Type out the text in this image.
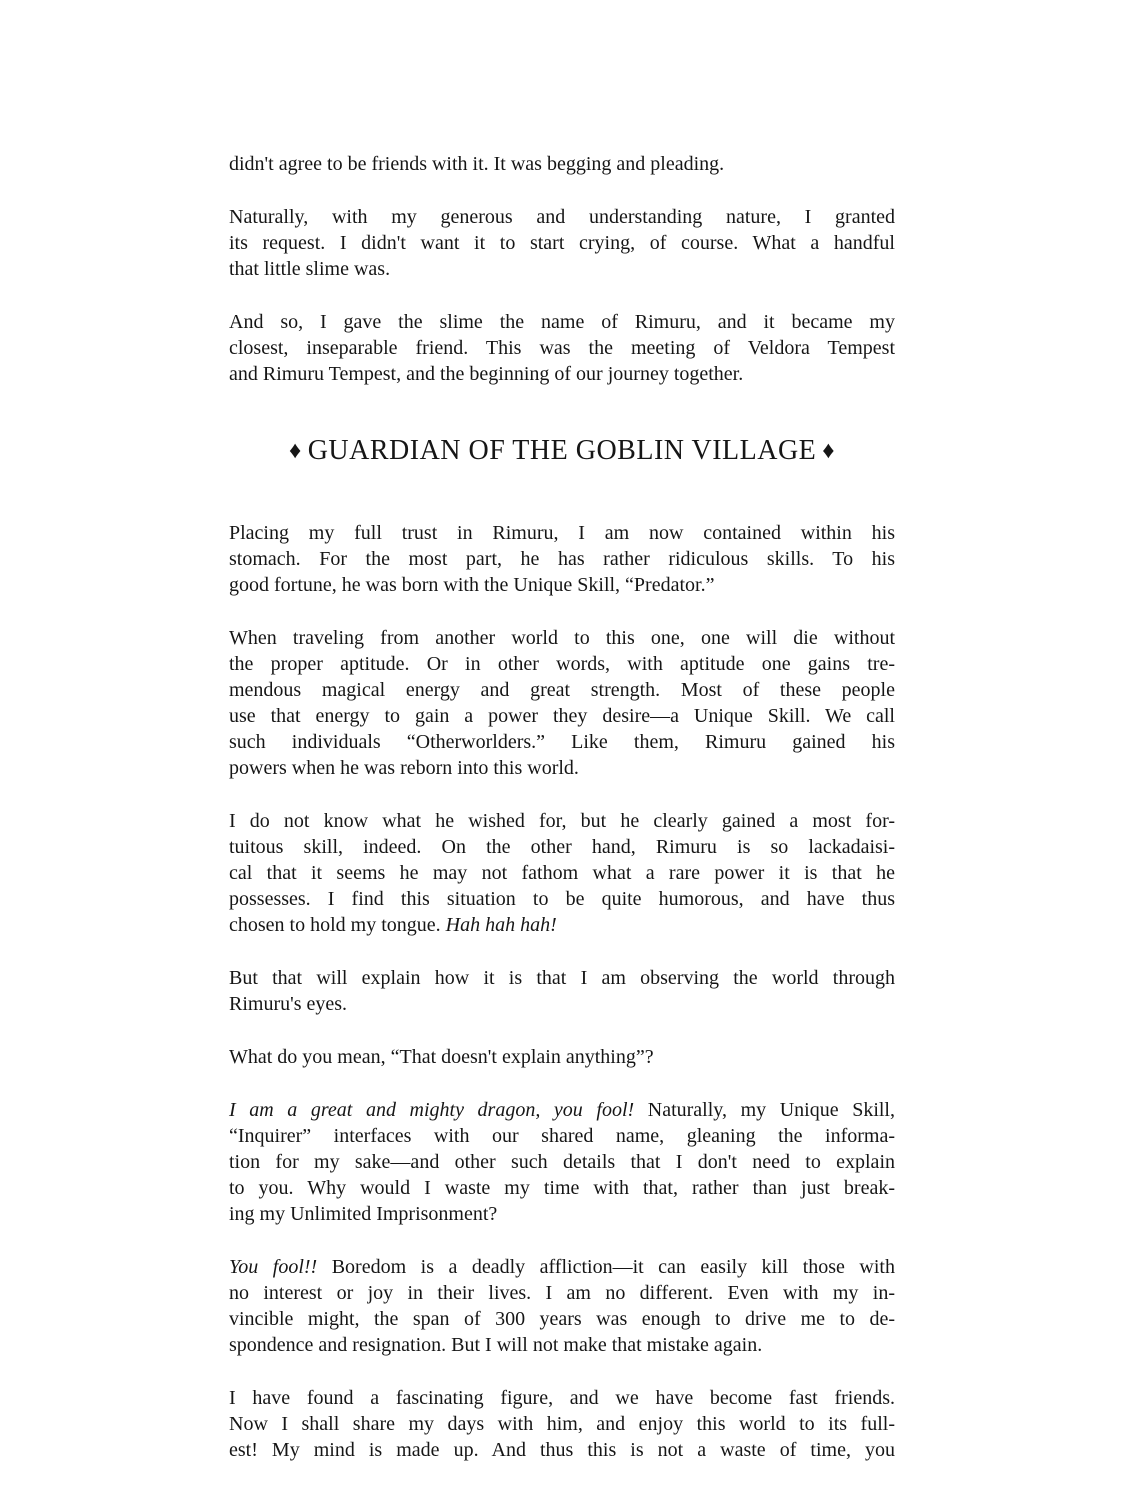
didn't agree to be friends with it. It was begging and pleading.
Naturally, with my generous and understanding nature, I granted
its request. I didn't want it to start crying, of course. What a handful
that little slime was.
And so, I gave the slime the name of Rimuru, and it became my
closest, inseparable friend. This was the meeting of Veldora Tempest
and Rimuru Tempest, and the beginning of our journey together.
♦ GUARDIAN OF THE GOBLIN VILLAGE ♦
Placing my full trust in Rimuru, I am now contained within his
stomach. For the most part, he has rather ridiculous skills. To his
good fortune, he was born with the Unique Skill, “Predator.”
When traveling from another world to this one, one will die without
the proper aptitude. Or in other words, with aptitude one gains tre-
mendous magical energy and great strength. Most of these people
use that energy to gain a power they desire—a Unique Skill. We call
such individuals “Otherworlders.” Like them, Rimuru gained his
powers when he was reborn into this world.
I do not know what he wished for, but he clearly gained a most for-
tuitous skill, indeed. On the other hand, Rimuru is so lackadaisi-
cal that it seems he may not fathom what a rare power it is that he
possesses. I find this situation to be quite humorous, and have thus
chosen to hold my tongue. Hah hah hah!
But that will explain how it is that I am observing the world through
Rimuru's eyes.
What do you mean, “That doesn't explain anything”?
I am a great and mighty dragon, you fool! Naturally, my Unique Skill,
“Inquirer” interfaces with our shared name, gleaning the informa-
tion for my sake—and other such details that I don't need to explain
to you. Why would I waste my time with that, rather than just break-
ing my Unlimited Imprisonment?
You fool!! Boredom is a deadly affliction—it can easily kill those with
no interest or joy in their lives. I am no different. Even with my in-
vincible might, the span of 300 years was enough to drive me to de-
spondence and resignation. But I will not make that mistake again.
I have found a fascinating figure, and we have become fast friends.
Now I shall share my days with him, and enjoy this world to its full-
est! My mind is made up. And thus this is not a waste of time, you
